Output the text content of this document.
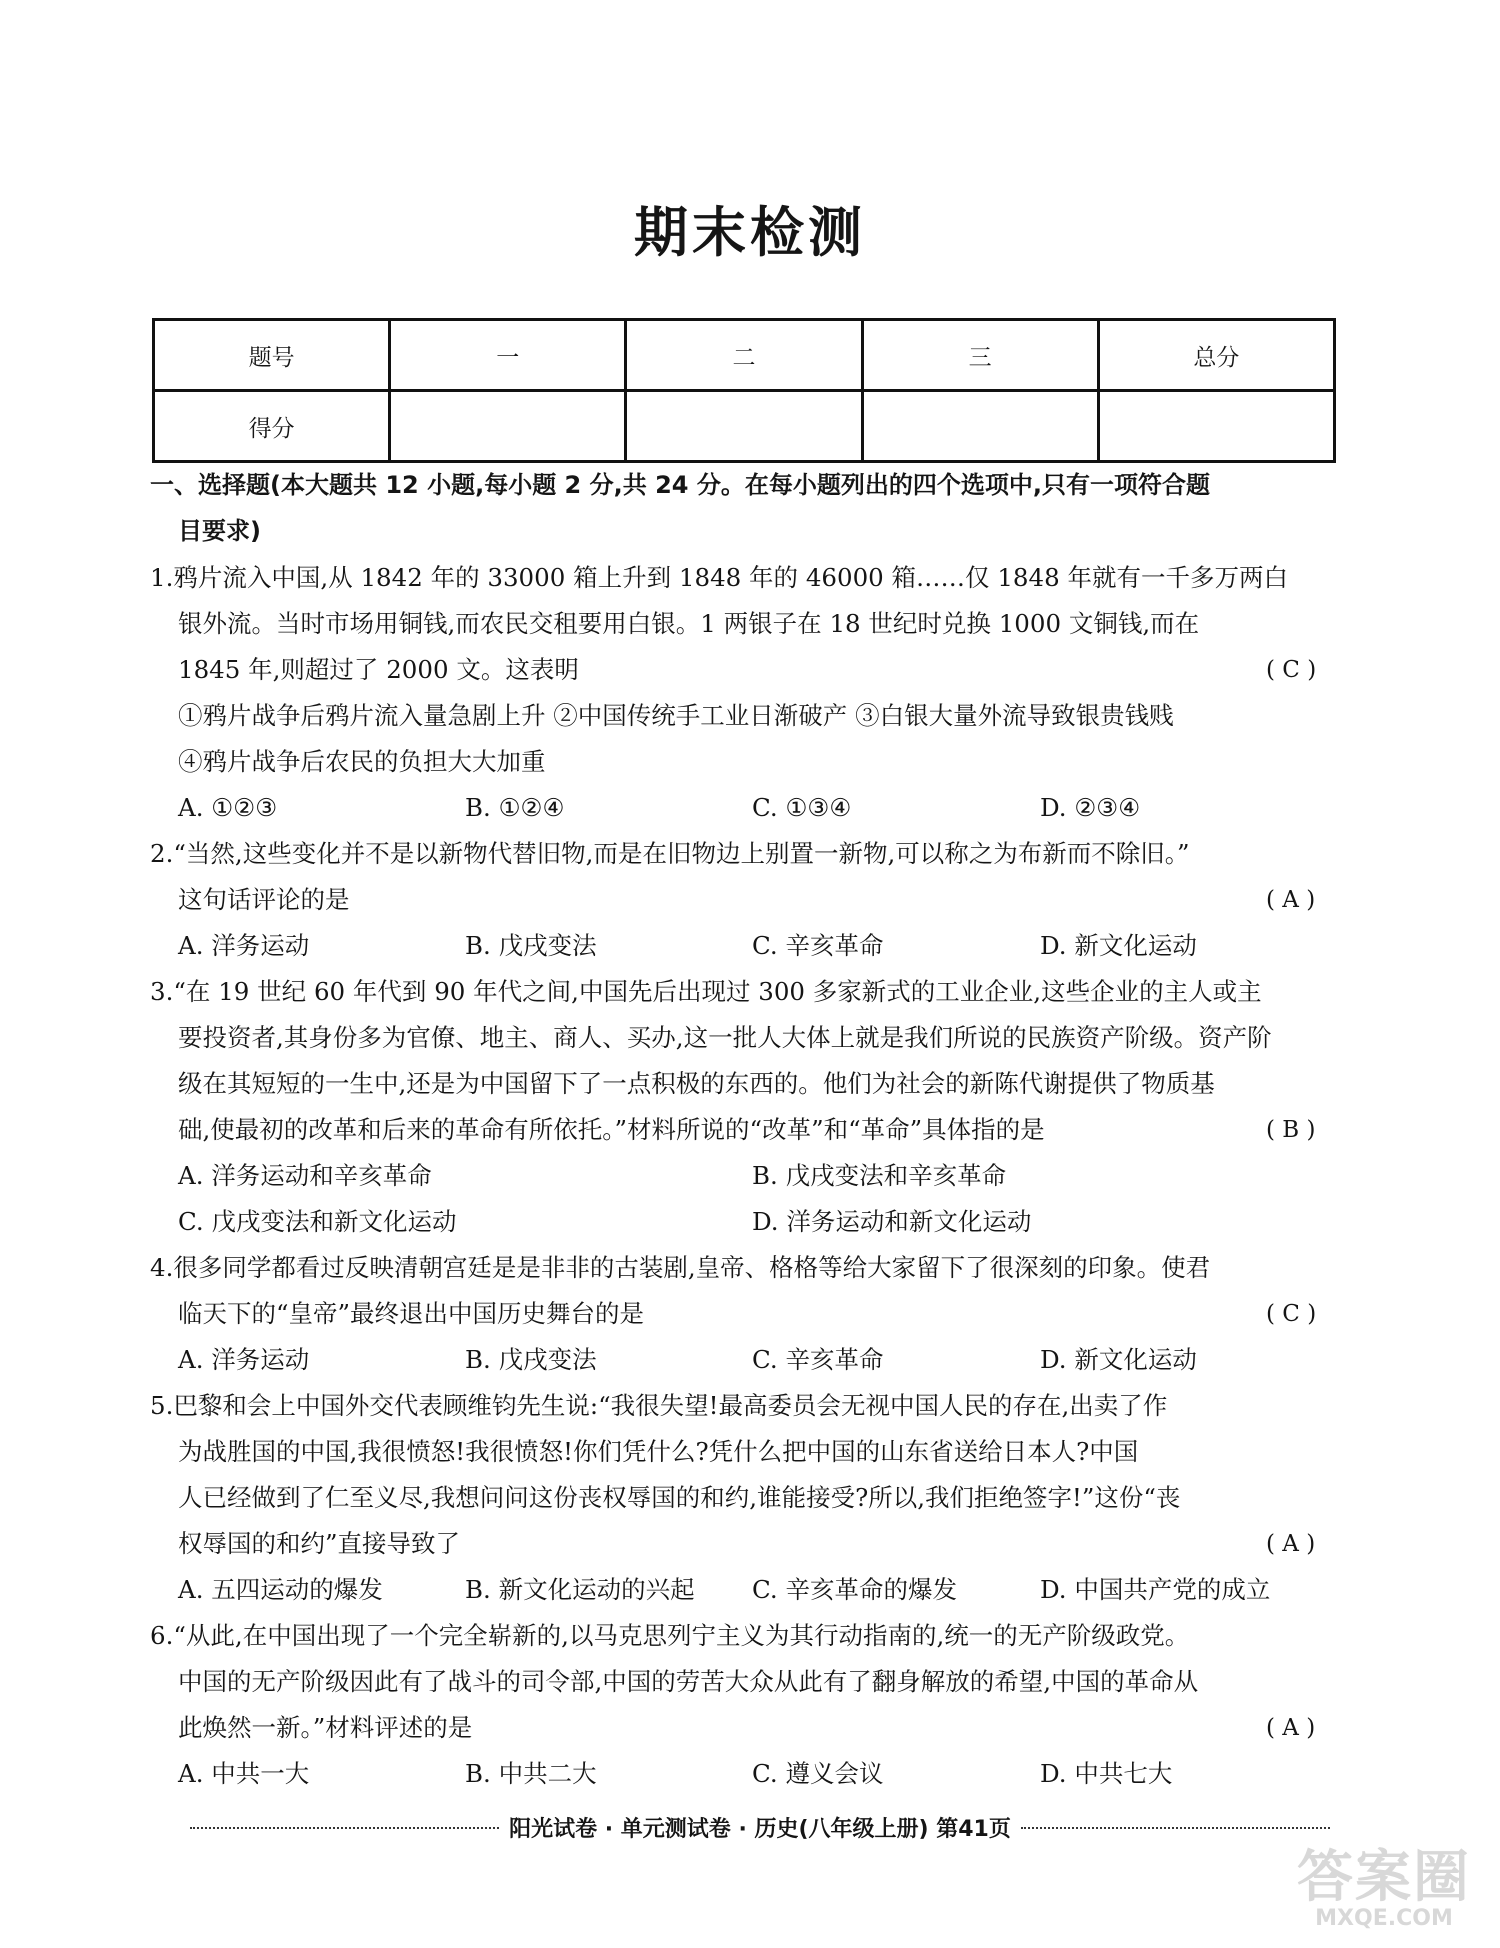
期末检测
题号	一	二	三	总分
得分				
一、选择题(本大题共 12 小题,每小题 2 分,共 24 分。在每小题列出的四个选项中,只有一项符合题
目要求)
1.鸦片流入中国,从 1842 年的 33000 箱上升到 1848 年的 46000 箱……仅 1848 年就有一千多万两白
银外流。当时市场用铜钱,而农民交租要用白银。1 两银子在 18 世纪时兑换 1000 文铜钱,而在
1845 年,则超过了 2000 文。这表明	( C )
①鸦片战争后鸦片流入量急剧上升 ②中国传统手工业日渐破产 ③白银大量外流导致银贵钱贱
④鸦片战争后农民的负担大大加重
A. ①②③	B. ①②④	C. ①③④	D. ②③④
2.“当然,这些变化并不是以新物代替旧物,而是在旧物边上别置一新物,可以称之为布新而不除旧。”
这句话评论的是	( A )
A. 洋务运动	B. 戊戌变法	C. 辛亥革命	D. 新文化运动
3.“在 19 世纪 60 年代到 90 年代之间,中国先后出现过 300 多家新式的工业企业,这些企业的主人或主
要投资者,其身份多为官僚、地主、商人、买办,这一批人大体上就是我们所说的民族资产阶级。资产阶
级在其短短的一生中,还是为中国留下了一点积极的东西的。他们为社会的新陈代谢提供了物质基
础,使最初的改革和后来的革命有所依托。”材料所说的“改革”和“革命”具体指的是	( B )
A. 洋务运动和辛亥革命	B. 戊戌变法和辛亥革命
C. 戊戌变法和新文化运动	D. 洋务运动和新文化运动
4.很多同学都看过反映清朝宫廷是是非非的古装剧,皇帝、格格等给大家留下了很深刻的印象。使君
临天下的“皇帝”最终退出中国历史舞台的是	( C )
A. 洋务运动	B. 戊戌变法	C. 辛亥革命	D. 新文化运动
5.巴黎和会上中国外交代表顾维钧先生说:“我很失望!最高委员会无视中国人民的存在,出卖了作
为战胜国的中国,我很愤怒!我很愤怒!你们凭什么?凭什么把中国的山东省送给日本人?中国
人已经做到了仁至义尽,我想问问这份丧权辱国的和约,谁能接受?所以,我们拒绝签字!”这份“丧
权辱国的和约”直接导致了	( A )
A. 五四运动的爆发	B. 新文化运动的兴起 C. 辛亥革命的爆发	D. 中国共产党的成立
6.“从此,在中国出现了一个完全崭新的,以马克思列宁主义为其行动指南的,统一的无产阶级政党。
中国的无产阶级因此有了战斗的司令部,中国的劳苦大众从此有了翻身解放的希望,中国的革命从
此焕然一新。”材料评述的是	( A )
A. 中共一大	B. 中共二大	C. 遵义会议	D. 中共七大
阳光试卷 · 单元测试卷 · 历史(八年级上册) 第41页
答案圈
MXQE.COM
